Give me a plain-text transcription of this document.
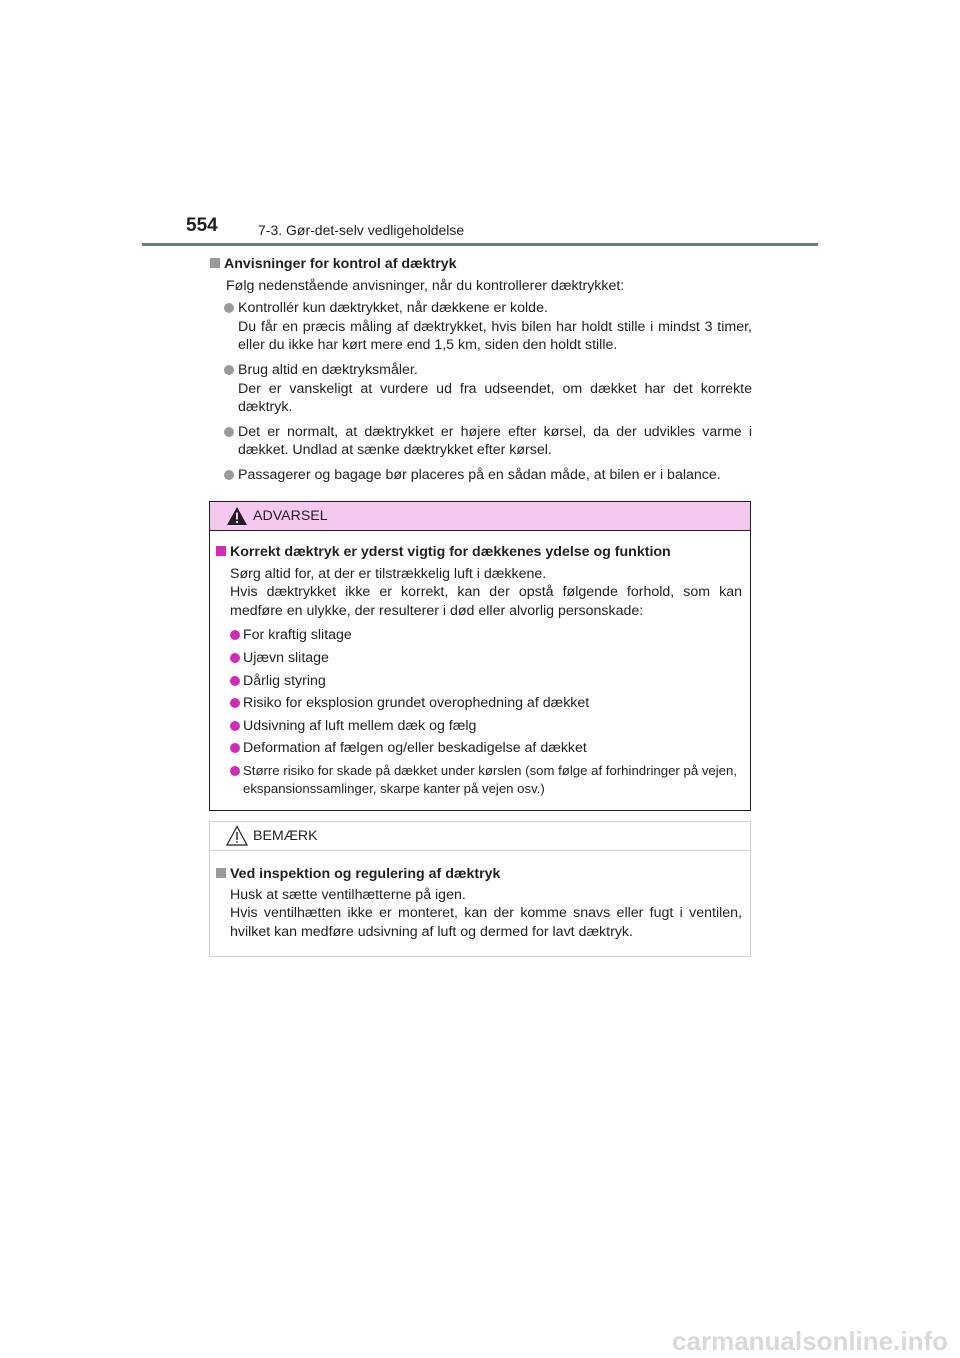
554	7-3. Gør-det-selv vedligeholdelse
Anvisninger for kontrol af dæktryk
Følg nedenstående anvisninger, når du kontrollerer dæktrykket:
Kontrollér kun dæktrykket, når dækkene er kolde.
Du får en præcis måling af dæktrykket, hvis bilen har holdt stille i mindst 3 timer, eller du ikke har kørt mere end 1,5 km, siden den holdt stille.
Brug altid en dæktryksmåler.
Der er vanskeligt at vurdere ud fra udseendet, om dækket har det korrekte dæktryk.
Det er normalt, at dæktrykket er højere efter kørsel, da der udvikles varme i dækket. Undlad at sænke dæktrykket efter kørsel.
Passagerer og bagage bør placeres på en sådan måde, at bilen er i balance.
ADVARSEL
Korrekt dæktryk er yderst vigtig for dækkenes ydelse og funktion
Sørg altid for, at der er tilstrækkelig luft i dækkene.
Hvis dæktrykket ikke er korrekt, kan der opstå følgende forhold, som kan medføre en ulykke, der resulterer i død eller alvorlig personskade:
For kraftig slitage
Ujævn slitage
Dårlig styring
Risiko for eksplosion grundet overophedning af dækket
Udsivning af luft mellem dæk og fælg
Deformation af fælgen og/eller beskadigelse af dækket
Større risiko for skade på dækket under kørslen (som følge af forhindringer på vejen, ekspansionssamlinger, skarpe kanter på vejen osv.)
BEMÆRK
Ved inspektion og regulering af dæktryk
Husk at sætte ventilhætterne på igen.
Hvis ventilhætten ikke er monteret, kan der komme snavs eller fugt i ventilen, hvilket kan medføre udsivning af luft og dermed for lavt dæktryk.
carmanualsonline.info
